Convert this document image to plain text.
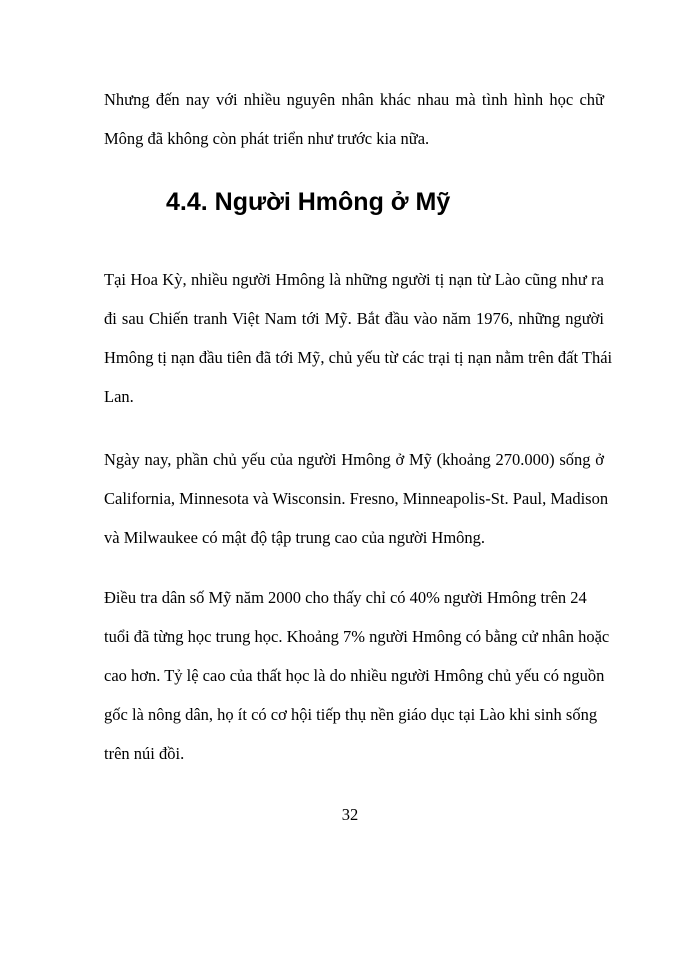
Nhưng đến nay với nhiều nguyên nhân khác nhau mà tình hình học chữ
Mông đã không còn phát triển như trước kia nữa.

4.4. Người Hmông ở Mỹ

Tại Hoa Kỳ, nhiều người Hmông là những người tị nạn từ Lào cũng như ra
đi sau Chiến tranh Việt Nam tới Mỹ. Bắt đầu vào năm 1976, những người
Hmông tị nạn đầu tiên đã tới Mỹ, chủ yếu từ các trại tị nạn nằm trên đất Thái
Lan.

Ngày nay, phần chủ yếu của người Hmông ở Mỹ (khoảng 270.000) sống ở
California, Minnesota và Wisconsin. Fresno, Minneapolis-St. Paul, Madison
và Milwaukee có mật độ tập trung cao của người Hmông.

Điều tra dân số Mỹ năm 2000 cho thấy chỉ có 40% người Hmông trên 24
tuổi đã từng học trung học. Khoảng 7% người Hmông có bằng cử nhân hoặc
cao hơn. Tỷ lệ cao của thất học là do nhiều người Hmông chủ yếu có nguồn
gốc là nông dân, họ ít có cơ hội tiếp thụ nền giáo dục tại Lào khi sinh sống
trên núi đồi.

32
